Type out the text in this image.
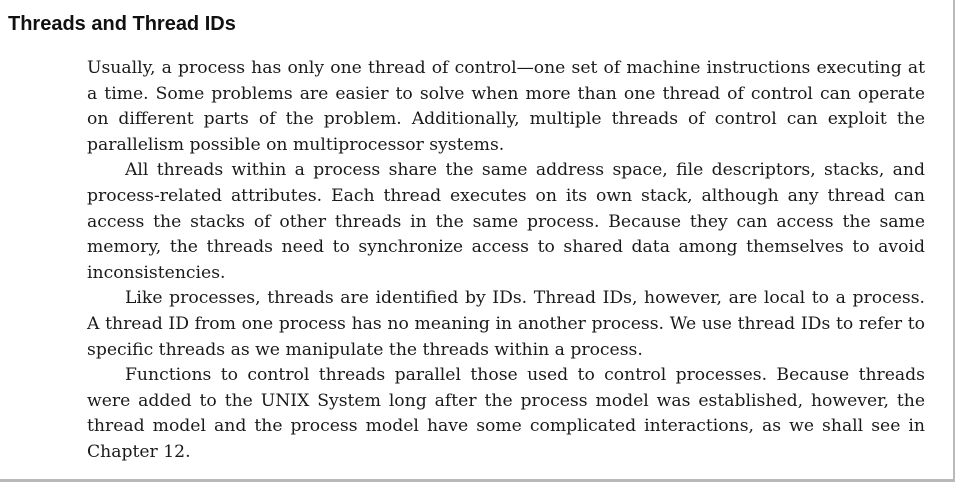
Threads and Thread IDs

Usually, a process has only one thread of control—one set of machine instructions executing at a time. Some problems are easier to solve when more than one thread of control can operate on different parts of the problem. Additionally, multiple threads of control can exploit the parallelism possible on multiprocessor systems.

All threads within a process share the same address space, file descriptors, stacks, and process-related attributes. Each thread executes on its own stack, although any thread can access the stacks of other threads in the same process. Because they can access the same memory, the threads need to synchronize access to shared data among themselves to avoid inconsistencies.

Like processes, threads are identified by IDs. Thread IDs, however, are local to a process. A thread ID from one process has no meaning in another process. We use thread IDs to refer to specific threads as we manipulate the threads within a process.

Functions to control threads parallel those used to control processes. Because threads were added to the UNIX System long after the process model was established, however, the thread model and the process model have some complicated interactions, as we shall see in Chapter 12.
